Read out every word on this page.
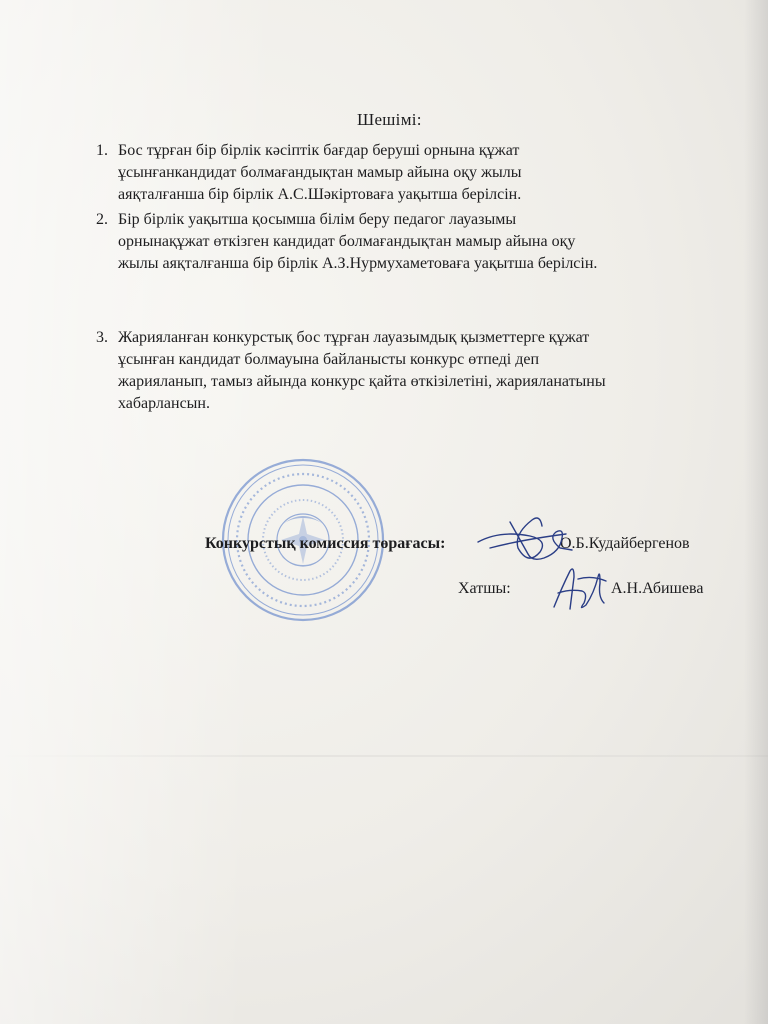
Шешімі:
1. Бос тұрған бір бірлік кәсіптік бағдар беруші орнына құжат
ұсынғанкандидат болмағандықтан мамыр айына оқу жылы
аяқталғанша бір бірлік А.С.Шәкіртоваға уақытша берілсін.
2. Бір бірлік уақытша қосымша білім беру педагог лауазымы
орнынақұжат өткізген кандидат болмағандықтан мамыр айына оқу
жылы аяқталғанша бір бірлік А.З.Нурмухаметоваға уақытша берілсін.
3. Жарияланған конкурстық бос тұрған лауазымдық қызметтерге құжат
ұсынған кандидат болмауына байланысты конкурс өтпеді деп
жарияланып, тамыз айында конкурс қайта өткізілетіні, жарияланатыны
хабарлансын.
Конкурстық комиссия төрағасы:	О.Б.Кудайбергенов
Хатшы:	А.Н.Абишева
